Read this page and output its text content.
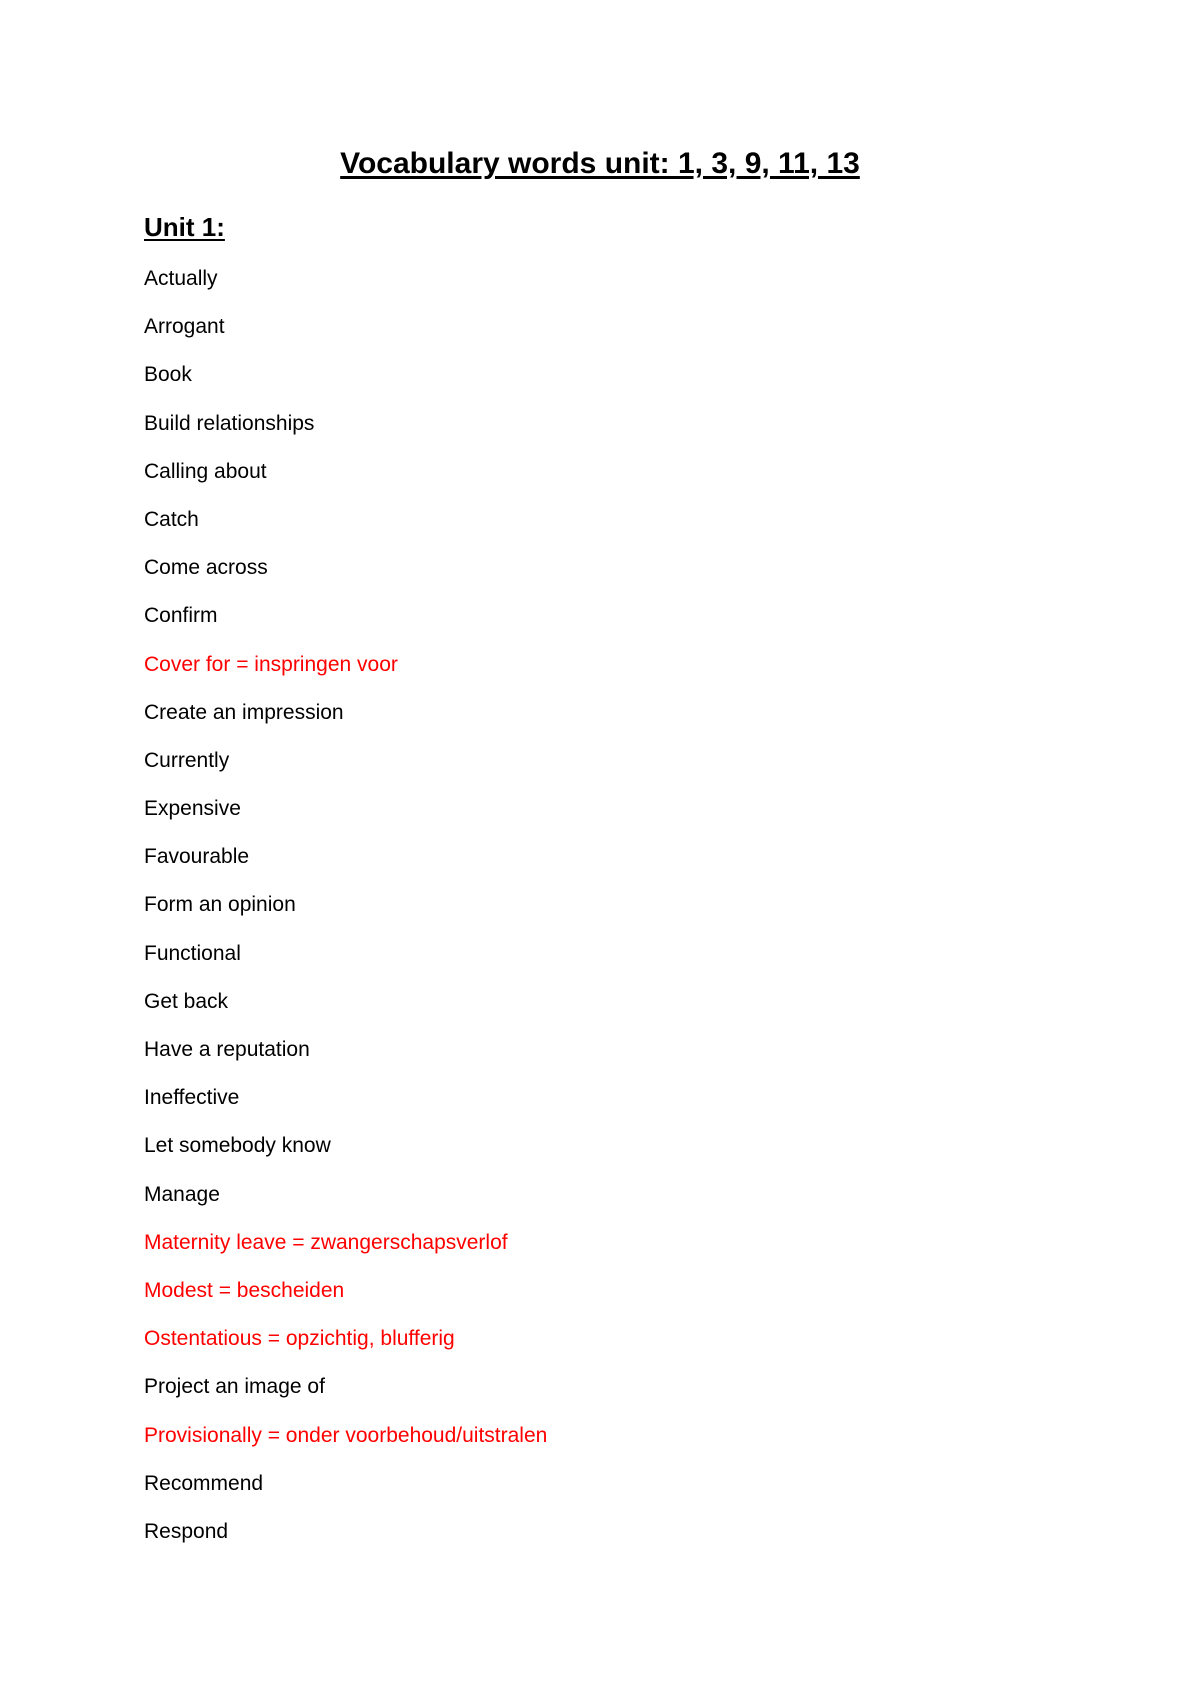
Vocabulary words unit: 1, 3, 9, 11, 13
Unit 1:
Actually
Arrogant
Book
Build relationships
Calling about
Catch
Come across
Confirm
Cover for = inspringen voor
Create an impression
Currently
Expensive
Favourable
Form an opinion
Functional
Get back
Have a reputation
Ineffective
Let somebody know
Manage
Maternity leave = zwangerschapsverlof
Modest = bescheiden
Ostentatious = opzichtig, blufferig
Project an image of
Provisionally = onder voorbehoud/uitstralen
Recommend
Respond
